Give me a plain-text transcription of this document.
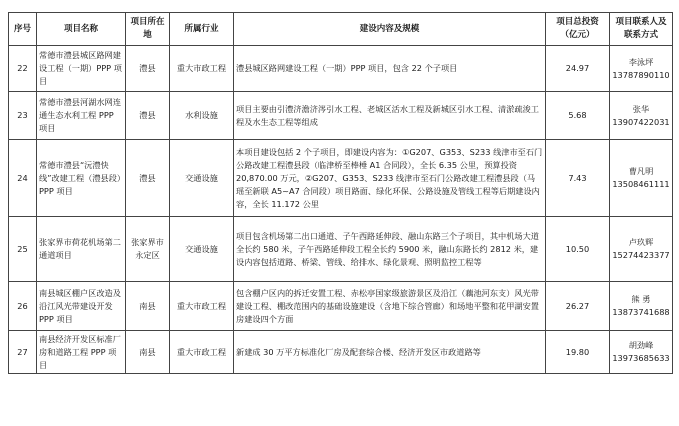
序号	项目名称	项目所在地	所属行业	建设内容及规模	项目总投资（亿元）	项目联系人及联系方式
22	常德市澧县城区路网建设工程（一期）PPP 项目	澧县	重大市政工程	澧县城区路网建设工程（一期）PPP 项目，包含 22 个子项目	24.97	李泳坪
13787890110

23	常德市澧县河湖水网连通生态水利工程 PPP 项目	澧县	水利设施	项目主要由引澧济澹济涔引水工程、老城区活水工程及新城区引水工程、清淤疏浚工程及水生态工程等组成	5.68	张华
13907422031

24	常德市澧县“沅澧快线”改建工程（澧县段）PPP 项目	澧县	交通设施	本项目建设包括 2 个子项目，即建设内容为：①G207、G353、S233 线津市至石门公路改建工程澧县段（临津桥至棒棰 A1 合同段），全长 6.35 公里，预算投资 20,870.00 万元，②G207、G353、S233 线津市至石门公路改建工程澧县段（马瑶至新联 A5~A7 合同段）项目路面、绿化环保、公路设施及管线工程等后期建设内容，全长 11.172 公里	7.43	曹凡明
13508461111

25	张家界市荷花机场第二通道项目	张家界市永定区	交通设施	项目包含机场第二出口通道、子午西路延伸段、融山东路三个子项目，其中机场大道全长约 580 米，子午西路延伸段工程全长约 5900 米，融山东路长约 2812 米，建设内容包括道路、桥梁、管线、给排水、绿化景观、照明监控工程等	10.50	卢玖辉
15274423377

26	南县城区棚户区改造及沿江风光带建设开发 PPP 项目	南县	重大市政工程	包含棚户区内的拆迁安置工程、赤松亭国家级旅游景区及沿江（藕池河东支）风光带建设工程、棚改范围内的基础设施建设（含地下综合管廊）和场地平整和花甲湖安置房建设四个方面	26.27	熊 勇
13873741688

27	南县经济开发区标准厂房和道路工程 PPP 项目	南县	重大市政工程	新建成 30 万平方标准化厂房及配套综合楼、经济开发区市政道路等	19.80	胡劲峰
13973685633
